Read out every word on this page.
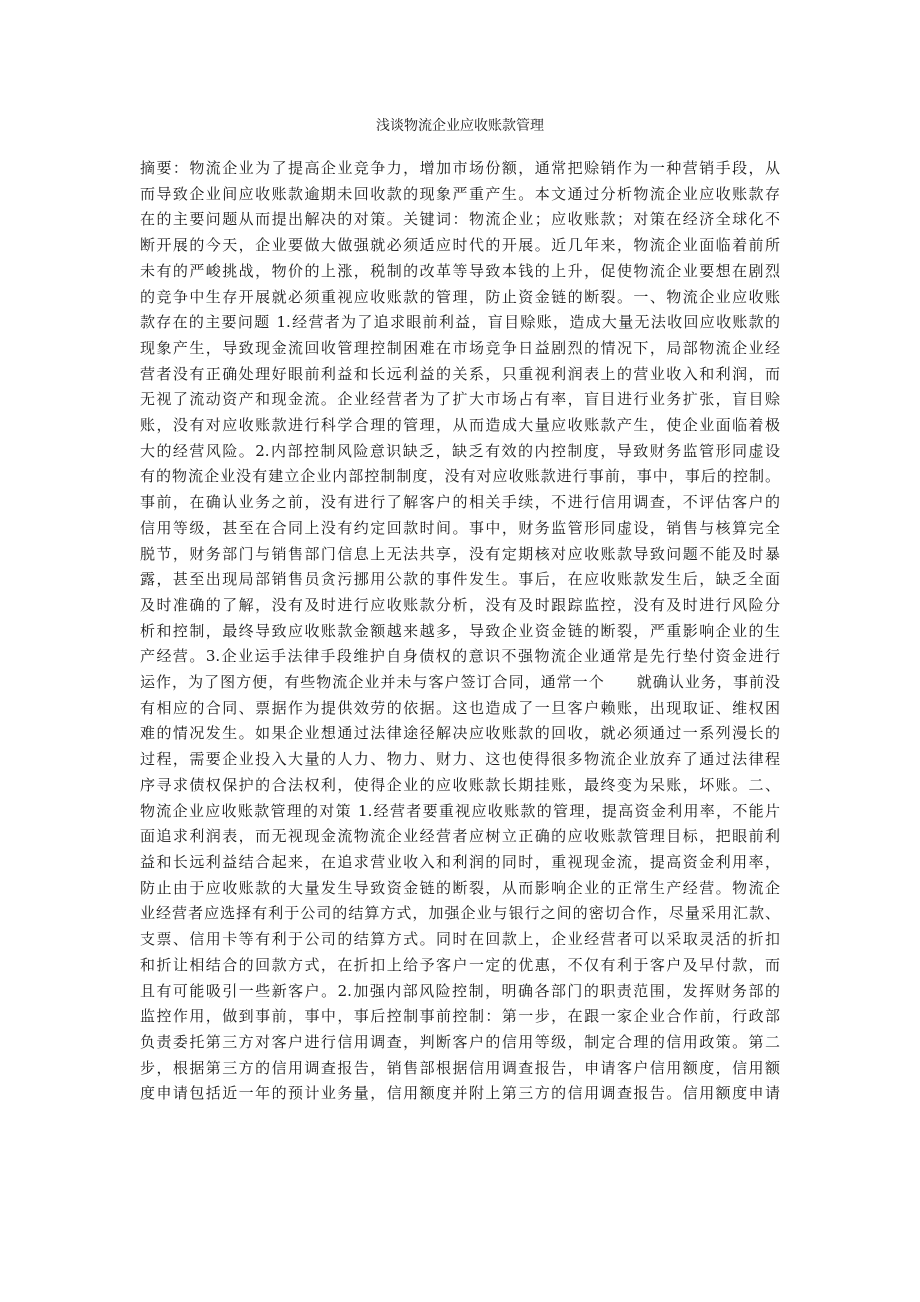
浅谈物流企业应收账款管理
摘要：物流企业为了提高企业竞争力，增加市场份额，通常把赊销作为一种营销手段，从
而导致企业间应收账款逾期未回收款的现象严重产生。本文通过分析物流企业应收账款存
在的主要问题从而提出解决的对策。关键词：物流企业；应收账款；对策在经济全球化不
断开展的今天，企业要做大做强就必须适应时代的开展。近几年来，物流企业面临着前所
未有的严峻挑战，物价的上涨，税制的改革等导致本钱的上升，促使物流企业要想在剧烈
的竞争中生存开展就必须重视应收账款的管理，防止资金链的断裂。一、物流企业应收账
款存在的主要问题 1.经营者为了追求眼前利益，盲目赊账，造成大量无法收回应收账款的
现象产生，导致现金流回收管理控制困难在市场竞争日益剧烈的情况下，局部物流企业经
营者没有正确处理好眼前利益和长远利益的关系，只重视利润表上的营业收入和利润，而
无视了流动资产和现金流。企业经营者为了扩大市场占有率，盲目进行业务扩张，盲目赊
账，没有对应收账款进行科学合理的管理，从而造成大量应收账款产生，使企业面临着极
大的经营风险。2.内部控制风险意识缺乏，缺乏有效的内控制度，导致财务监管形同虚设
有的物流企业没有建立企业内部控制制度，没有对应收账款进行事前，事中，事后的控制。
事前，在确认业务之前，没有进行了解客户的相关手续，不进行信用调查，不评估客户的
信用等级，甚至在合同上没有约定回款时间。事中，财务监管形同虚设，销售与核算完全
脱节，财务部门与销售部门信息上无法共享，没有定期核对应收账款导致问题不能及时暴
露，甚至出现局部销售员贪污挪用公款的事件发生。事后，在应收账款发生后，缺乏全面
及时准确的了解，没有及时进行应收账款分析，没有及时跟踪监控，没有及时进行风险分
析和控制，最终导致应收账款金额越来越多，导致企业资金链的断裂，严重影响企业的生
产经营。3.企业运手法律手段维护自身债权的意识不强物流企业通常是先行垫付资金进行
运作，为了图方便，有些物流企业并未与客户签订合同，通常一个　　就确认业务，事前没
有相应的合同、票据作为提供效劳的依据。这也造成了一旦客户赖账，出现取证、维权困
难的情况发生。如果企业想通过法律途径解决应收账款的回收，就必须通过一系列漫长的
过程，需要企业投入大量的人力、物力、财力、这也使得很多物流企业放弃了通过法律程
序寻求债权保护的合法权利，使得企业的应收账款长期挂账，最终变为呆账，坏账。二、
物流企业应收账款管理的对策 1.经营者要重视应收账款的管理，提高资金利用率，不能片
面追求利润表，而无视现金流物流企业经营者应树立正确的应收账款管理目标，把眼前利
益和长远利益结合起来，在追求营业收入和利润的同时，重视现金流，提高资金利用率，
防止由于应收账款的大量发生导致资金链的断裂，从而影响企业的正常生产经营。物流企
业经营者应选择有利于公司的结算方式，加强企业与银行之间的密切合作，尽量采用汇款、
支票、信用卡等有利于公司的结算方式。同时在回款上，企业经营者可以采取灵活的折扣
和折让相结合的回款方式，在折扣上给予客户一定的优惠，不仅有利于客户及早付款，而
且有可能吸引一些新客户。2.加强内部风险控制，明确各部门的职责范围，发挥财务部的
监控作用，做到事前，事中，事后控制事前控制：第一步，在跟一家企业合作前，行政部
负责委托第三方对客户进行信用调查，判断客户的信用等级，制定合理的信用政策。第二
步，根据第三方的信用调查报告，销售部根据信用调查报告，申请客户信用额度，信用额
度申请包括近一年的预计业务量，信用额度并附上第三方的信用调查报告。信用额度申请
